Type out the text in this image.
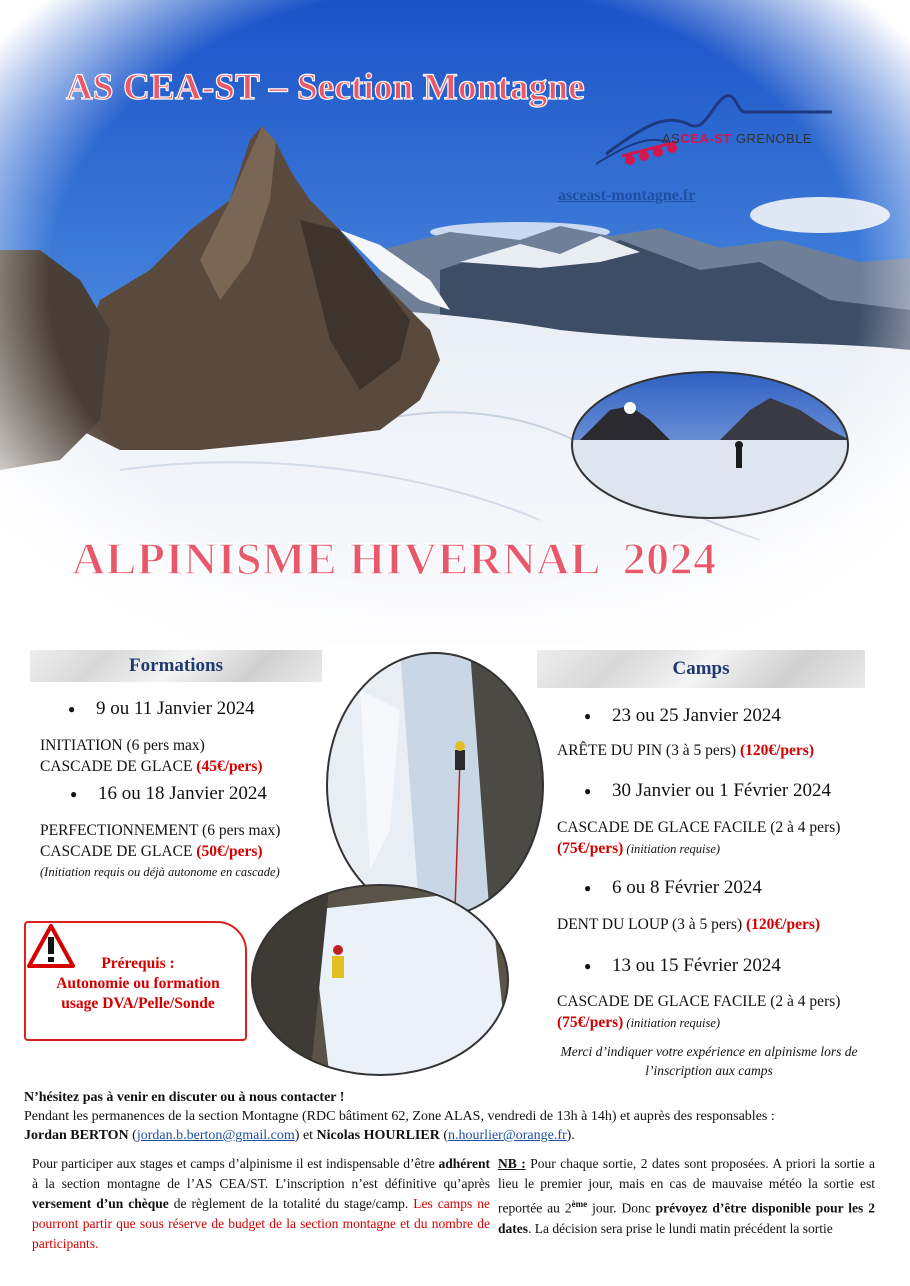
AS CEA-ST – Section Montagne
ASCEA-ST GRENOBLE
asceast-montagne.fr
ALPINISME HIVERNAL  2024
Formations
● 9 ou 11 Janvier 2024
INITIATION (6 pers max)
CASCADE DE GLACE (45€/pers)
● 16 ou 18 Janvier 2024
PERFECTIONNEMENT (6 pers max)
CASCADE DE GLACE (50€/pers)
(Initiation requis ou déjà autonome en cascade)
Prérequis :
Autonomie ou formation
usage DVA/Pelle/Sonde
Camps
● 23 ou 25 Janvier 2024
ARÊTE DU PIN (3 à 5 pers) (120€/pers)
● 30 Janvier ou 1 Février 2024
CASCADE DE GLACE FACILE (2 à 4 pers)
(75€/pers) (initiation requise)
● 6 ou 8 Février 2024
DENT DU LOUP (3 à 5 pers) (120€/pers)
● 13 ou 15 Février 2024
CASCADE DE GLACE FACILE (2 à 4 pers)
(75€/pers) (initiation requise)
Merci d’indiquer votre expérience en alpinisme lors de l’inscription aux camps
N’hésitez pas à venir en discuter ou à nous contacter !
Pendant les permanences de la section Montagne (RDC bâtiment 62, Zone ALAS, vendredi de 13h à 14h) et auprès des responsables :
Jordan BERTON (jordan.b.berton@gmail.com) et Nicolas HOURLIER (n.hourlier@orange.fr).
Pour participer aux stages et camps d’alpinisme il est indispensable d’être adhérent à la section montagne de l’AS CEA/ST. L’inscription n’est définitive qu’après versement d’un chèque de règlement de la totalité du stage/camp. Les camps ne pourront partir que sous réserve de budget de la section montagne et du nombre de participants.
NB : Pour chaque sortie, 2 dates sont proposées. A priori la sortie a lieu le premier jour, mais en cas de mauvaise météo la sortie est reportée au 2ème jour. Donc prévoyez d’être disponible pour les 2 dates. La décision sera prise le lundi matin précédent la sortie
